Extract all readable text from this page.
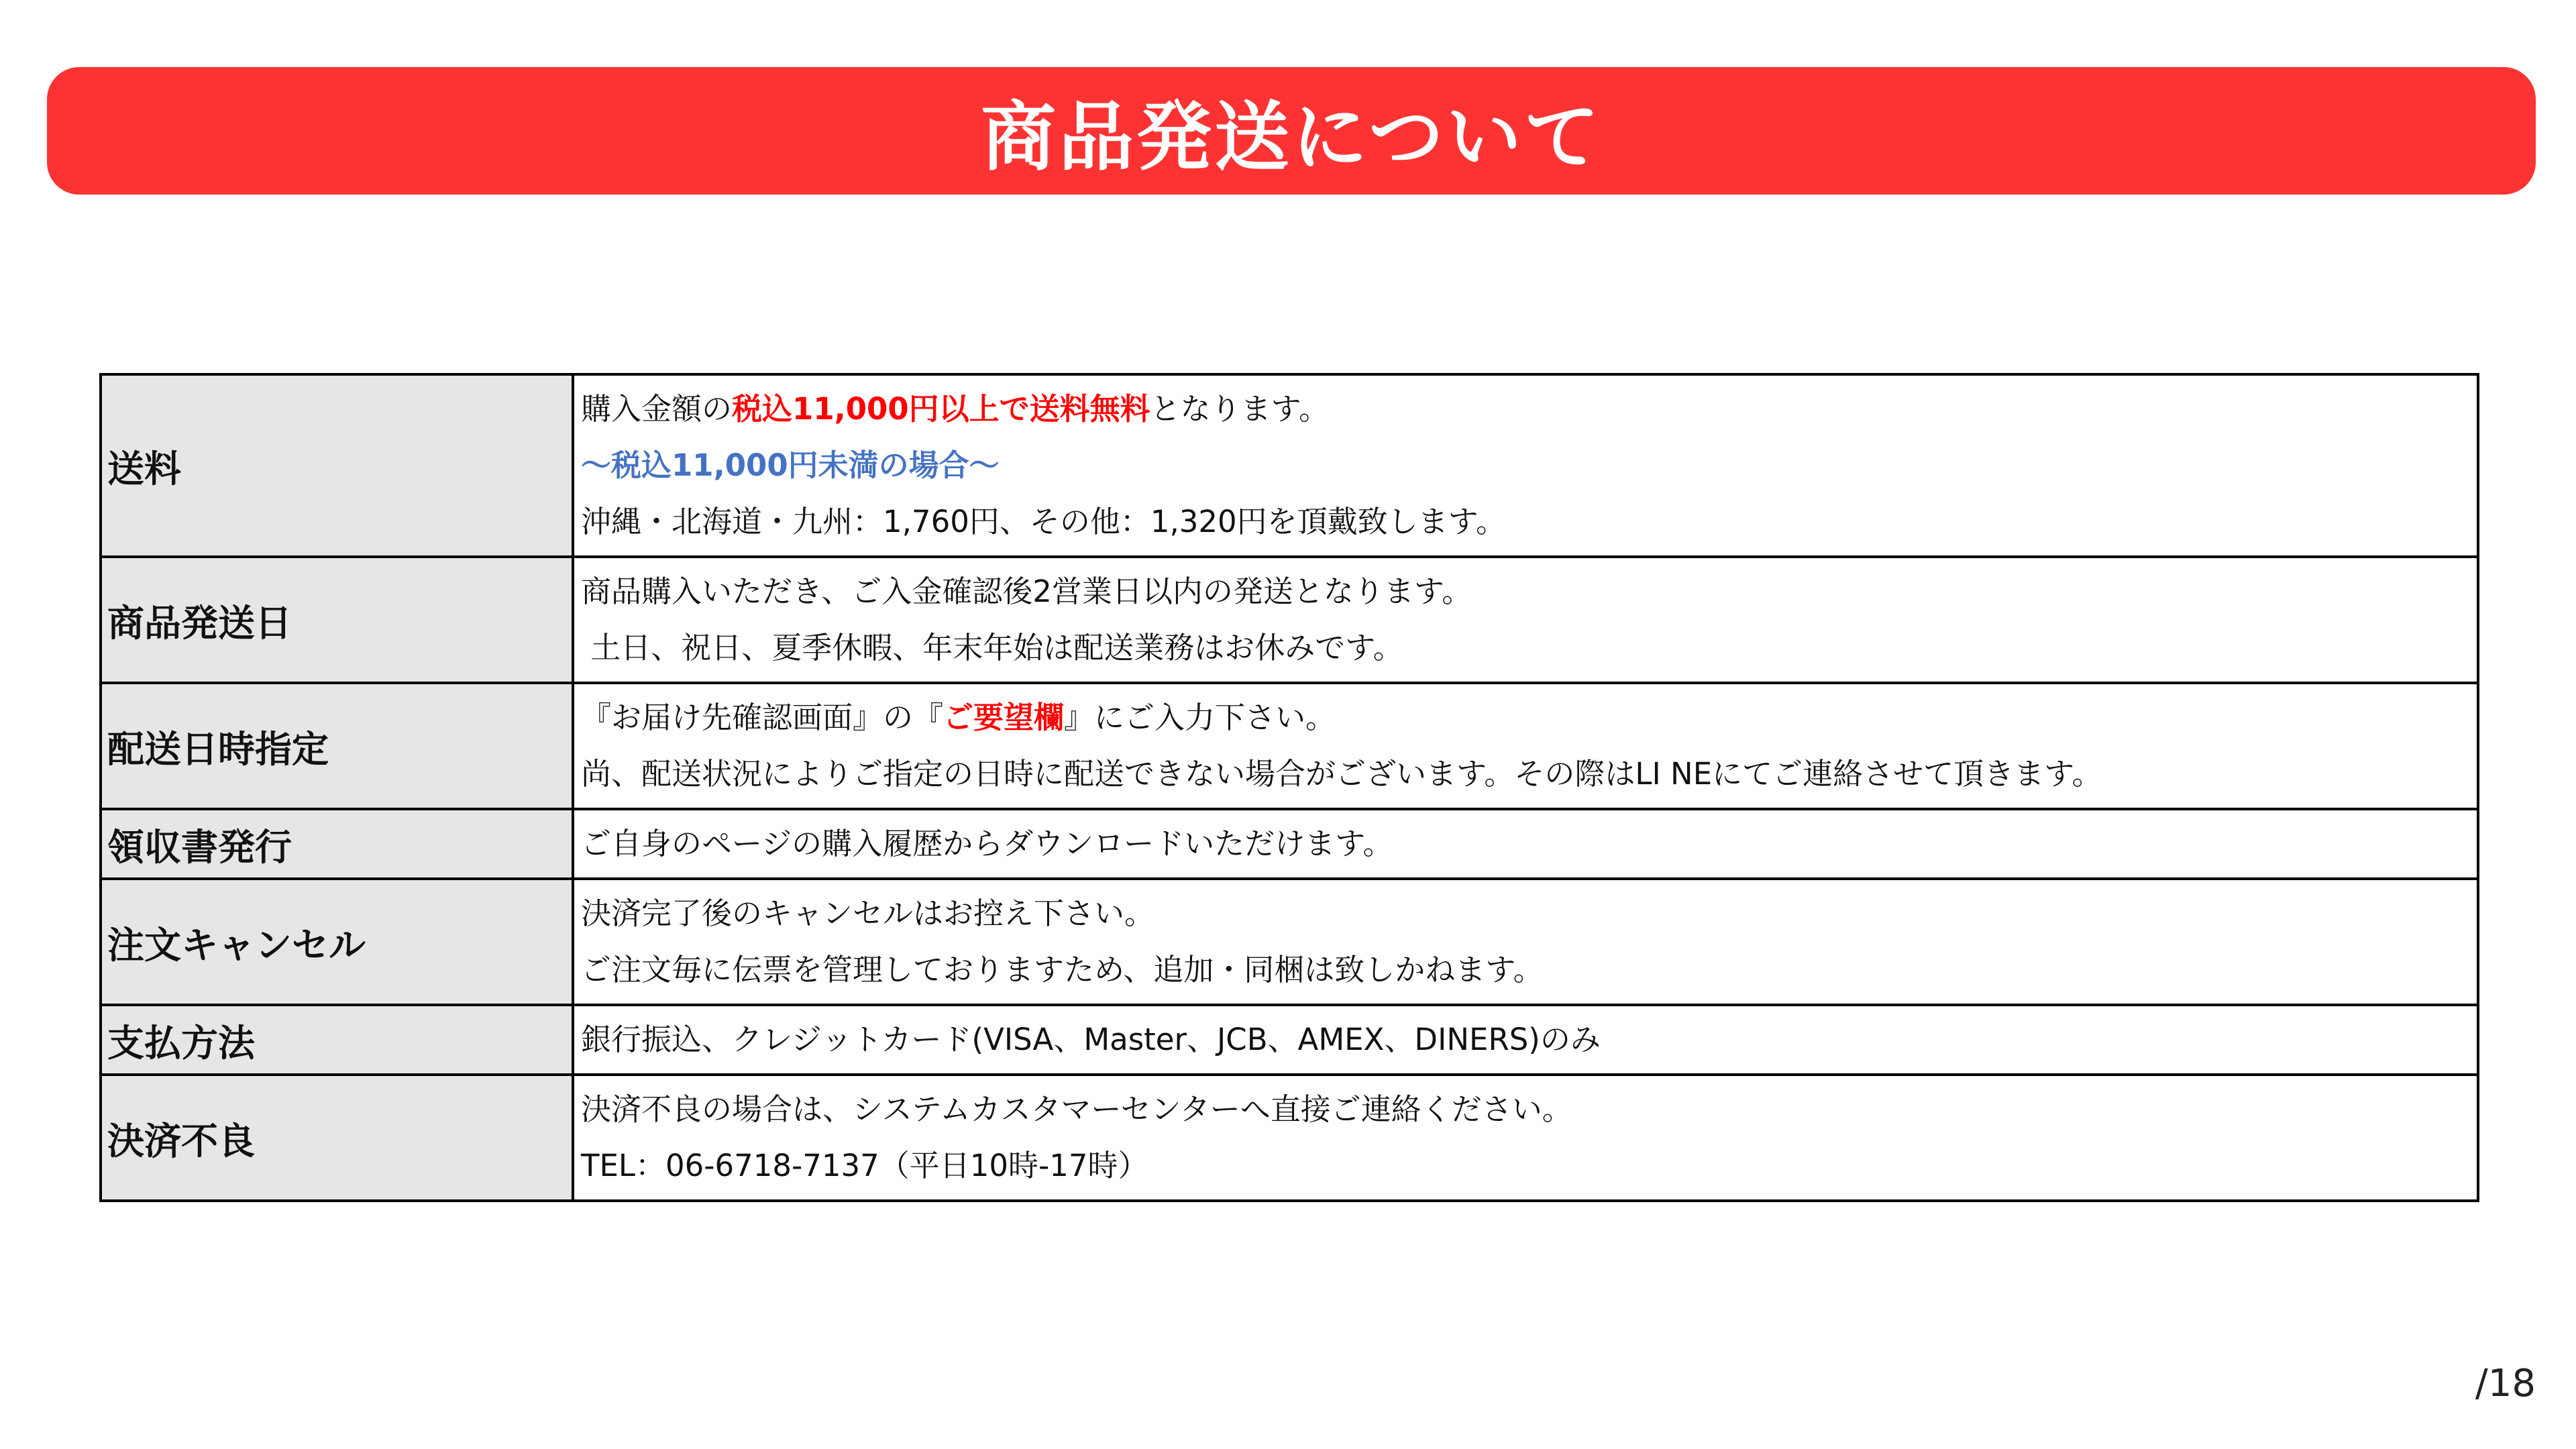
商品発送について
送料	購入金額の税込11,000円以上で送料無料となります。
～税込11,000円未満の場合～
沖縄・北海道・九州：1,760円、その他：1,320円を頂戴致します。

商品発送日	商品購入いただき、ご入金確認後2営業日以内の発送となります。
土日、祝日、夏季休暇、年末年始は配送業務はお休みです。

配送日時指定	『お届け先確認画面』の『ご要望欄』にご入力下さい。
尚、配送状況によりご指定の日時に配送できない場合がございます。その際はLI NEにてご連絡させて頂きます。

領収書発行	ご自身のページの購入履歴からダウンロードいただけます。

注文キャンセル	決済完了後のキャンセルはお控え下さい。
ご注文毎に伝票を管理しておりますため、追加・同梱は致しかねます。

支払方法	銀行振込、クレジットカード(VISA、Master、JCB、AMEX、DINERS)のみ

決済不良	決済不良の場合は、システムカスタマーセンターへ直接ご連絡ください。
TEL：06-6718-7137（平日10時-17時）
/18
